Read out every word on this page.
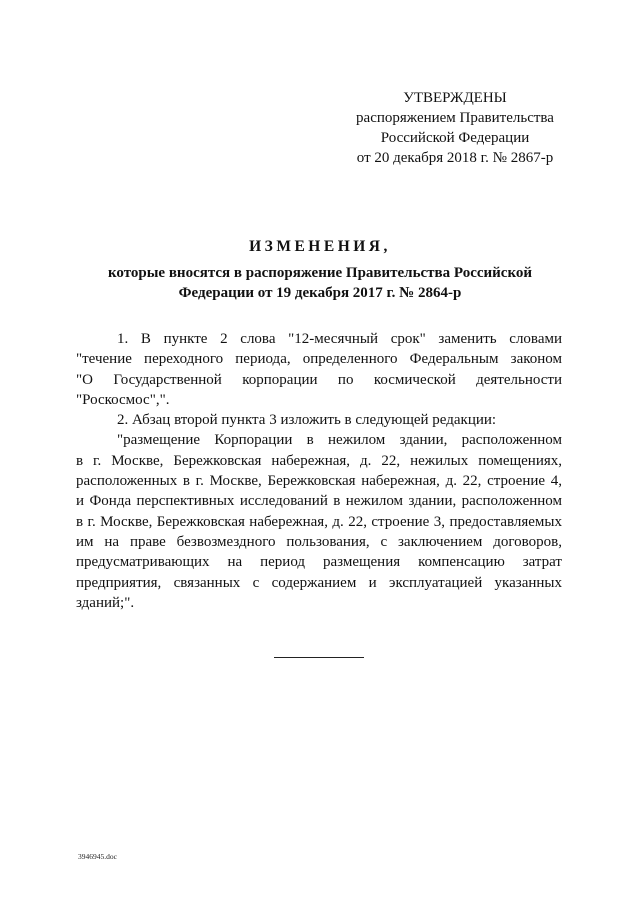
УТВЕРЖДЕНЫ
распоряжением Правительства
Российской Федерации
от 20 декабря 2018 г. № 2867-р
ИЗМЕНЕНИЯ,
которые вносятся в распоряжение Правительства Российской
Федерации от 19 декабря 2017 г. № 2864-р
1. В пункте 2 слова "12-месячный срок" заменить словами
"течение переходного периода, определенного Федеральным законом
"О Государственной корпорации по космической деятельности
"Роскосмос",".
2. Абзац второй пункта 3 изложить в следующей редакции:
"размещение Корпорации в нежилом здании, расположенном
в г. Москве, Бережковская набережная, д. 22, нежилых помещениях,
расположенных в г. Москве, Бережковская набережная, д. 22, строение 4,
и Фонда перспективных исследований в нежилом здании, расположенном
в г. Москве, Бережковская набережная, д. 22, строение 3, предоставляемых
им на праве безвозмездного пользования, с заключением договоров,
предусматривающих на период размещения компенсацию затрат
предприятия, связанных с содержанием и эксплуатацией указанных
зданий;".
3946945.doc
